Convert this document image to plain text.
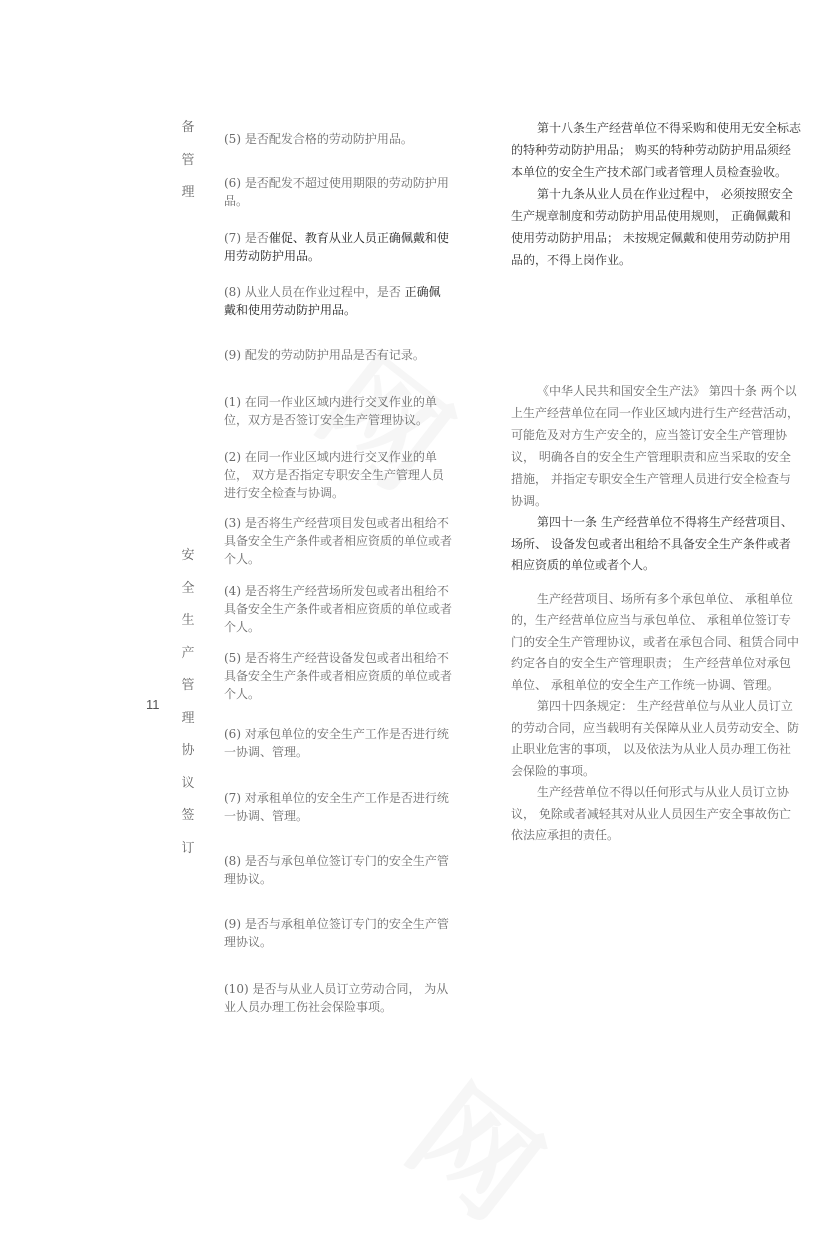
备
管
理
安
全
生
产
管
理
协
议
签
订
11
(5) 是否配发合格的劳动防护用品。
(6) 是否配发不超过使用期限的劳动防护用品。
(7) 是否催促、教育从业人员正确佩戴和使用劳动防护用品。
(8) 从业人员在作业过程中，是否 正确佩戴和使用劳动防护用品。
(9) 配发的劳动防护用品是否有记录。
(1) 在同一作业区域内进行交叉作业的单位，双方是否签订安全生产管理协议。
(2) 在同一作业区域内进行交叉作业的单位， 双方是否指定专职安全生产管理人员进行安全检查与协调。
(3) 是否将生产经营项目发包或者出租给不具备安全生产条件或者相应资质的单位或者个人。
(4) 是否将生产经营场所发包或者出租给不具备安全生产条件或者相应资质的单位或者个人。
(5) 是否将生产经营设备发包或者出租给不具备安全生产条件或者相应资质的单位或者个人。
(6) 对承包单位的安全生产工作是否进行统一协调、管理。
(7) 对承租单位的安全生产工作是否进行统一协调、管理。
(8) 是否与承包单位签订专门的安全生产管理协议。
(9) 是否与承租单位签订专门的安全生产管理协议。
(10) 是否与从业人员订立劳动合同， 为从业人员办理工伤社会保险事项。

第十八条生产经营单位不得采购和使用无安全标志的特种劳动防护用品； 购买的特种劳动防护用品须经本单位的安全生产技术部门或者管理人员检查验收。

第十九条从业人员在作业过程中， 必须按照安全生产规章制度和劳动防护用品使用规则， 正确佩戴和使用劳动防护用品； 未按规定佩戴和使用劳动防护用品的，不得上岗作业。

《中华人民共和国安全生产法》 第四十条 两个以上生产经营单位在同一作业区域内进行生产经营活动， 可能危及对方生产安全的，应当签订安全生产管理协议， 明确各自的安全生产管理职责和应当采取的安全措施， 并指定专职安全生产管理人员进行安全检查与协调。

第四十一条 生产经营单位不得将生产经营项目、场所、 设备发包或者出租给不具备安全生产条件或者相应资质的单位或者个人。

生产经营项目、场所有多个承包单位、 承租单位的，生产经营单位应当与承包单位、 承租单位签订专门的安全生产管理协议，或者在承包合同、租赁合同中约定各自的安全生产管理职责； 生产经营单位对承包单位、 承租单位的安全生产工作统一协调、管理。

第四十四条规定： 生产经营单位与从业人员订立的劳动合同，应当载明有关保障从业人员劳动安全、防止职业危害的事项， 以及依法为从业人员办理工伤社会保险的事项。

生产经营单位不得以任何形式与从业人员订立协议， 免除或者减轻其对从业人员因生产安全事故伤亡依法应承担的责任。
